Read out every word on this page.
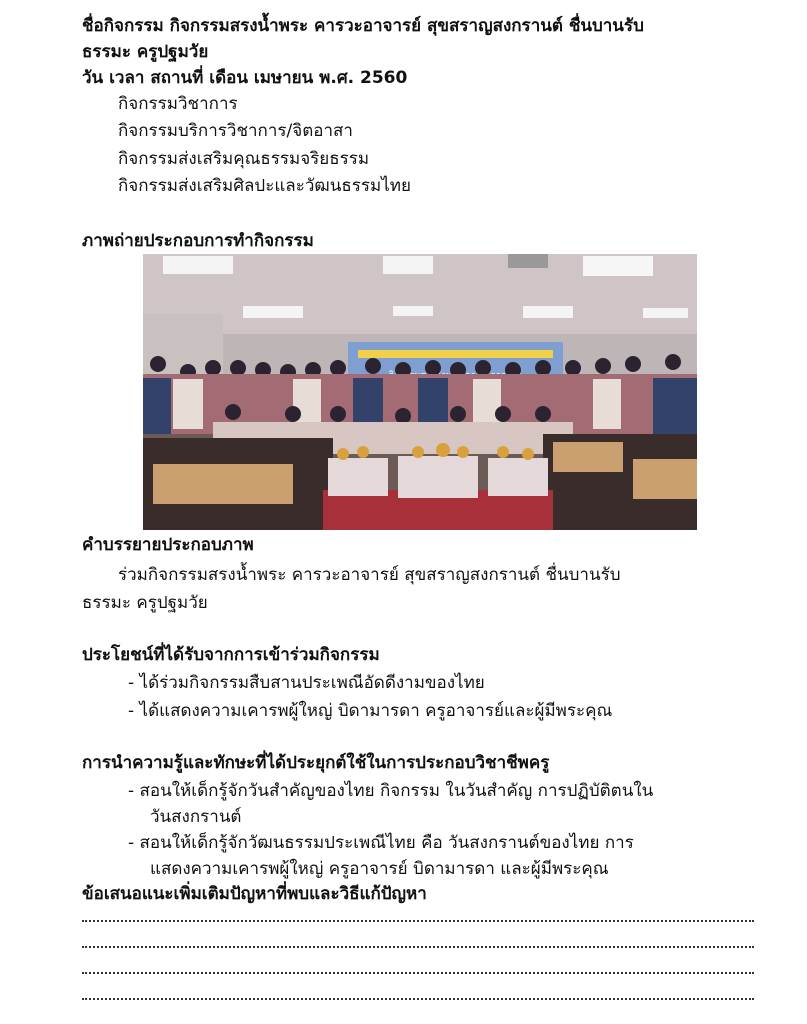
ชื่อกิจกรรม กิจกรรมสรงน้ำพระ คารวะอาจารย์ สุขสราญสงกรานต์ ชื่นบานรับ
ธรรมะ ครูปฐมวัย
วัน เวลา สถานที่ เดือน เมษายน พ.ศ. 2560
กิจกรรมวิชาการ
กิจกรรมบริการวิชาการ/จิตอาสา
กิจกรรมส่งเสริมคุณธรรมจริยธรรม
กิจกรรมส่งเสริมศิลปะและวัฒนธรรมไทย
ภาพถ่ายประกอบการทำกิจกรรม
คำบรรยายประกอบภาพ
ร่วมกิจกรรมสรงน้ำพระ คารวะอาจารย์ สุขสราญสงกรานต์ ชื่นบานรับ
ธรรมะ ครูปฐมวัย
ประโยชน์ที่ได้รับจากการเข้าร่วมกิจกรรม
- ได้ร่วมกิจกรรมสืบสานประเพณีอัดดีงามของไทย
- ได้แสดงความเคารพผู้ใหญ่ บิดามารดา ครูอาจารย์และผู้มีพระคุณ
การนำความรู้และทักษะที่ได้ประยุกต์ใช้ในการประกอบวิชาชีพครู
- สอนให้เด็กรู้จักวันสำคัญของไทย กิจกรรม ในวันสำคัญ การปฏิบัติตนใน
วันสงกรานต์
- สอนให้เด็กรู้จักวัฒนธรรมประเพณีไทย คือ วันสงกรานต์ของไทย การ
แสดงความเคารพผู้ใหญ่ ครูอาจารย์ บิดามารดา และผู้มีพระคุณ
ข้อเสนอแนะเพิ่มเติมปัญหาที่พบและวิธีแก้ปัญหา
